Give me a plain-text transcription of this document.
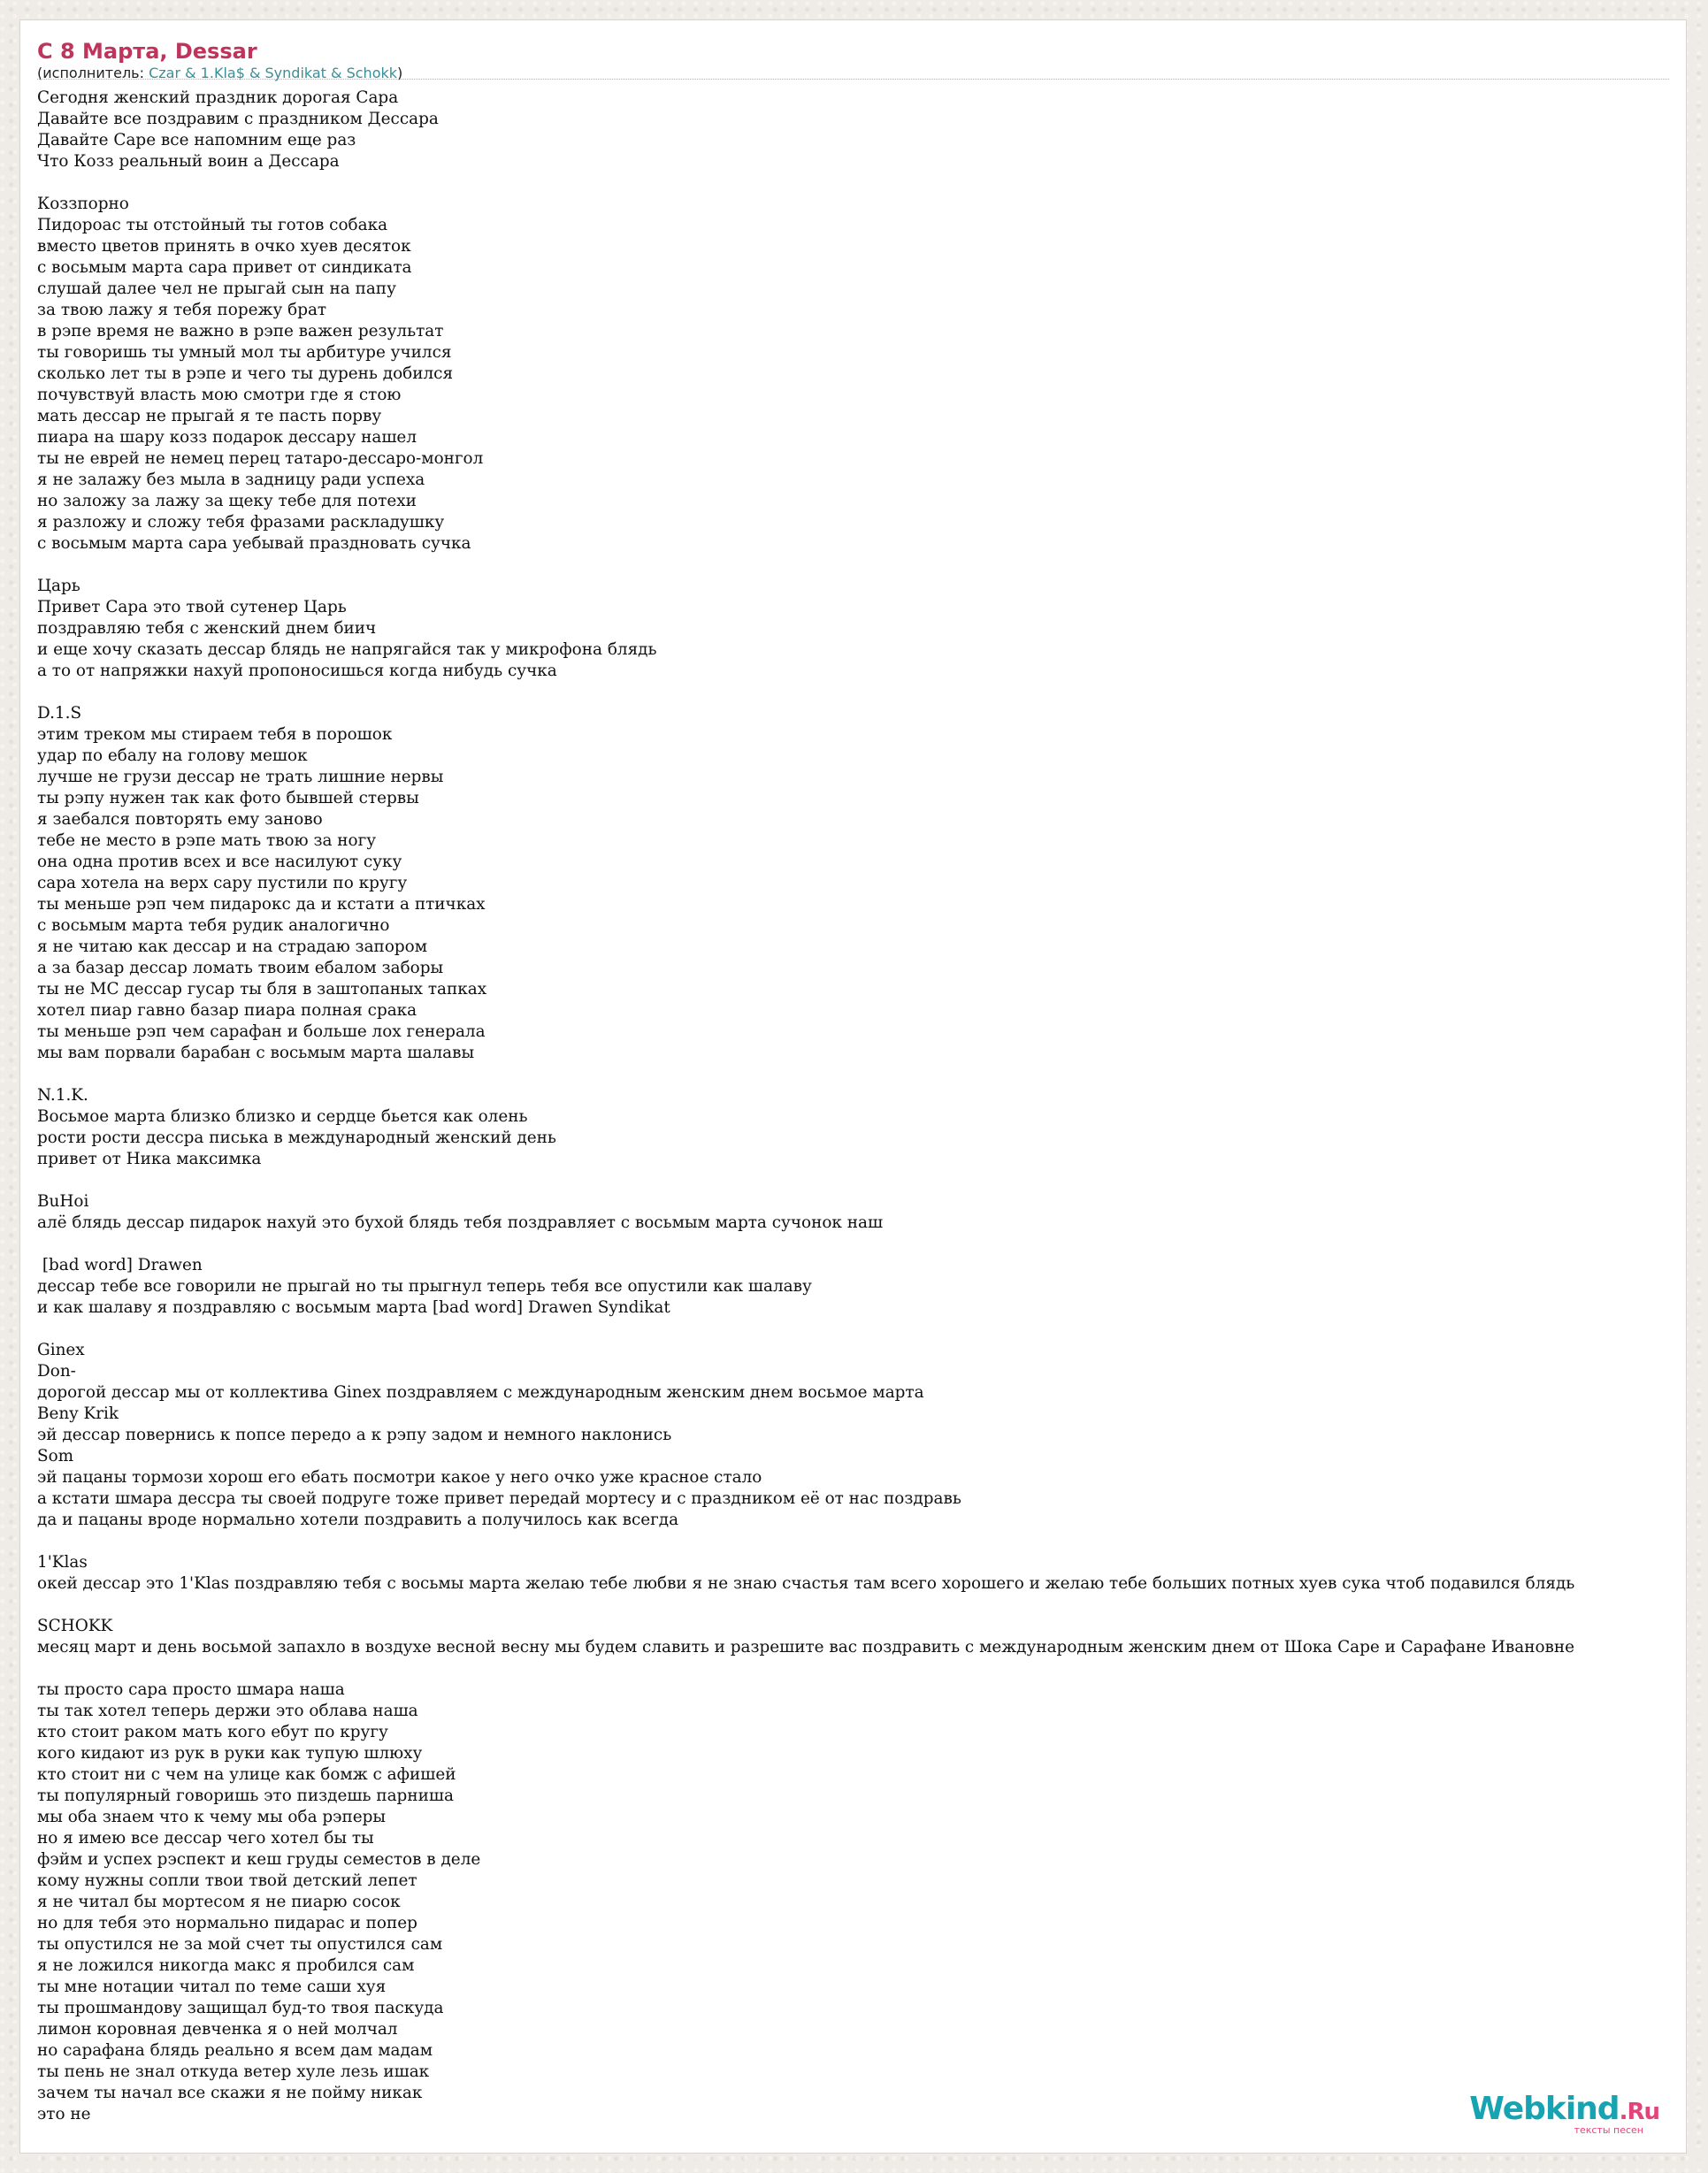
С 8 Марта, Dessar
(исполнитель: Czar & 1.Kla$ & Syndikat & Schokk)
Сегодня женский праздник дорогая Сара
Давайте все поздравим с праздником Дессара
Давайте Саре все напомним еще раз
Что Козз реальный воин а Дессара
Коззпорно
Пидороас ты отстойный ты готов собака
вместо цветов принять в очко хуев десяток
с восьмым марта сара привет от синдиката
слушай далее чел не прыгай сын на папу
за твою лажу я тебя порежу брат
в рэпе время не важно в рэпе важен результат
ты говоришь ты умный мол ты арбитуре учился
сколько лет ты в рэпе и чего ты дурень добился
почувствуй власть мою смотри где я стою
мать дессар не прыгай я те пасть порву
пиара на шару козз подарок дессару нашел
ты не еврей не немец перец татаро-дессаро-монгол
я не залажу без мыла в задницу ради успеха
но заложу за лажу за щеку тебе для потехи
я разложу и сложу тебя фразами раскладушку
с восьмым марта сара уебывай праздновать сучка
Царь
Привет Сара это твой сутенер Царь
поздравляю тебя с женский днем биич
и еще хочу сказать дессар блядь не напрягайся так у микрофона блядь
а то от напряжки нахуй пропоносишься когда нибудь сучка
D.1.S
этим треком мы стираем тебя в порошок
удар по ебалу на голову мешок
лучше не грузи дессар не трать лишние нервы
ты рэпу нужен так как фото бывшей стервы
я заебался повторять ему заново
тебе не место в рэпе мать твою за ногу
она одна против всех и все насилуют суку
сара хотела на верх сару пустили по кругу
ты меньше рэп чем пидарокс да и кстати а птичках
с восьмым марта тебя рудик аналогично
я не читаю как дессар и на страдаю запором
а за базар дессар ломать твоим ебалом заборы
ты не МС дессар гусар ты бля в заштопаных тапках
хотел пиар гавно базар пиара полная срака
ты меньше рэп чем сарафан и больше лох генерала
мы вам порвали барабан с восьмым марта шалавы
N.1.K.
Восьмое марта близко близко и сердце бьется как олень
рости рости дессра писька в международный женский день
привет от Ника максимка
BuHoi
алё блядь дессар пидарок нахуй это бухой блядь тебя поздравляет с восьмым марта сучонок наш
[bad word] Drawen
дессар тебе все говорили не прыгай но ты прыгнул теперь тебя все опустили как шалаву
и как шалаву я поздравляю с восьмым марта [bad word] Drawen Syndikat
Ginex
Don-
дорогой дессар мы от коллектива Ginex поздравляем с международным женским днем восьмое марта
Beny Krik
эй дессар повернись к попсе передо а к рэпу задом и немного наклонись
Som
эй пацаны тормози хорош его ебать посмотри какое у него очко уже красное стало
а кстати шмара дессра ты своей подруге тоже привет передай мортесу и с праздником её от нас поздравь
да и пацаны вроде нормально хотели поздравить а получилось как всегда
1'Klas
окей дессар это 1'Klas поздравляю тебя с восьмы марта желаю тебе любви я не знаю счастья там всего хорошего и желаю тебе больших потных хуев сука чтоб подавился блядь
SCHOKK
месяц март и день восьмой запахло в воздухе весной весну мы будем славить и разрешите вас поздравить с международным женским днем от Шока Саре и Сарафане Ивановне
ты просто сара просто шмара наша
ты так хотел теперь держи это облава наша
кто стоит раком мать кого ебут по кругу
кого кидают из рук в руки как тупую шлюху
кто стоит ни с чем на улице как бомж с афишей
ты популярный говоришь это пиздешь парниша
мы оба знаем что к чему мы оба рэперы
но я имею все дессар чего хотел бы ты
фэйм и успех рэспект и кеш груды семестов в деле
кому нужны сопли твои твой детский лепет
я не читал бы мортесом я не пиарю сосок
но для тебя это нормально пидарас и попер
ты опустился не за мой счет ты опустился сам
я не ложился никогда макс я пробился сам
ты мне нотации читал по теме саши хуя
ты прошмандову защищал буд-то твоя паскуда
лимон коровная девченка я о ней молчал
но сарафана блядь реально я всем дам мадам
ты пень не знал откуда ветер хуле лезь ишак
зачем ты начал все скажи я не пойму никак
это не	Webkind.Ru
тексты песен
